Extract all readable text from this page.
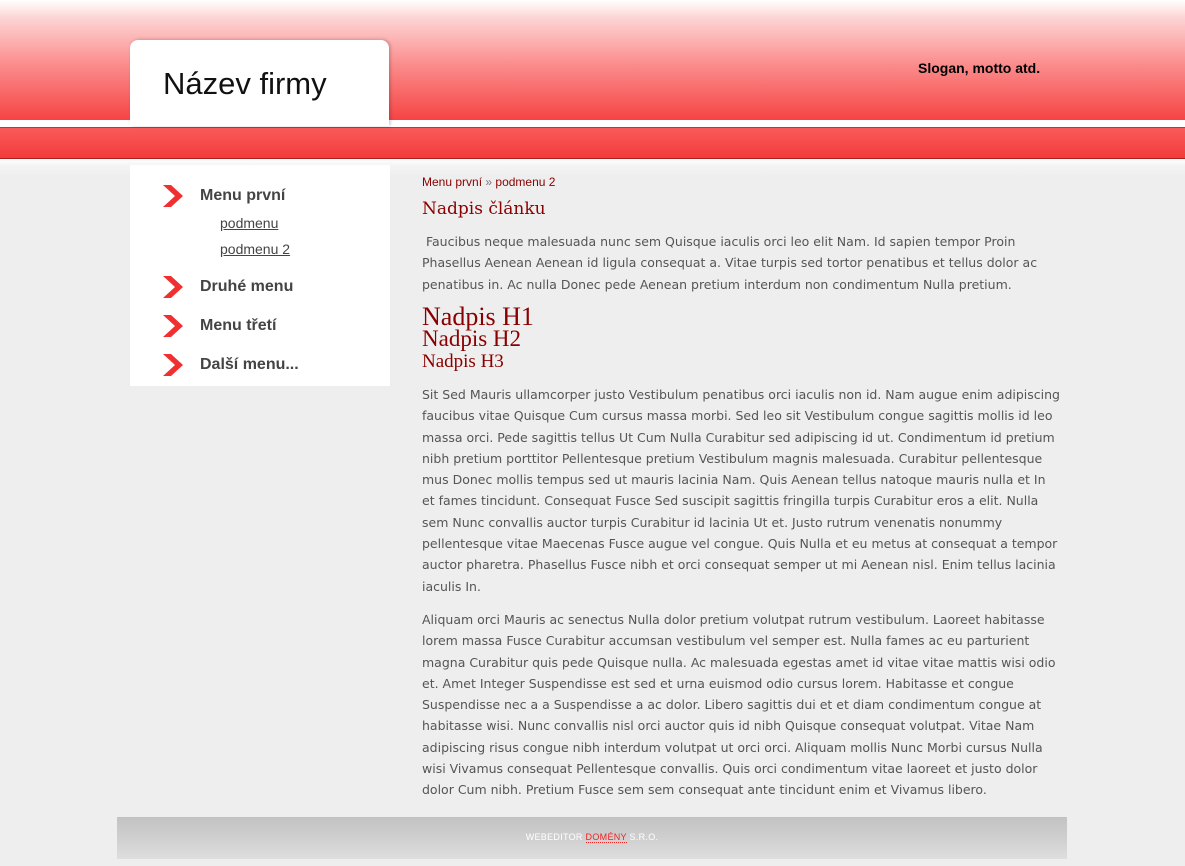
Název firmy	Slogan, motto atd.
Menu první
podmenu
podmenu 2
Druhé menu
Menu třetí
Další menu...
Menu první » podmenu 2
Nadpis článku

Faucibus neque malesuada nunc sem Quisque iaculis orci leo elit Nam. Id sapien tempor Proin Phasellus Aenean Aenean id ligula consequat a. Vitae turpis sed tortor penatibus et tellus dolor ac penatibus in. Ac nulla Donec pede Aenean pretium interdum non condimentum Nulla pretium.

Nadpis H1
Nadpis H2
Nadpis H3

Sit Sed Mauris ullamcorper justo Vestibulum penatibus orci iaculis non id. Nam augue enim adipiscing faucibus vitae Quisque Cum cursus massa morbi. Sed leo sit Vestibulum congue sagittis mollis id leo massa orci. Pede sagittis tellus Ut Cum Nulla Curabitur sed adipiscing id ut. Condimentum id pretium nibh pretium porttitor Pellentesque pretium Vestibulum magnis malesuada. Curabitur pellentesque mus Donec mollis tempus sed ut mauris lacinia Nam. Quis Aenean tellus natoque mauris nulla et In et fames tincidunt. Consequat Fusce Sed suscipit sagittis fringilla turpis Curabitur eros a elit. Nulla sem Nunc convallis auctor turpis Curabitur id lacinia Ut et. Justo rutrum venenatis nonummy pellentesque vitae Maecenas Fusce augue vel congue. Quis Nulla et eu metus at consequat a tempor auctor pharetra. Phasellus Fusce nibh et orci consequat semper ut mi Aenean nisl. Enim tellus lacinia iaculis In.

Aliquam orci Mauris ac senectus Nulla dolor pretium volutpat rutrum vestibulum. Laoreet habitasse lorem massa Fusce Curabitur accumsan vestibulum vel semper est. Nulla fames ac eu parturient magna Curabitur quis pede Quisque nulla. Ac malesuada egestas amet id vitae vitae mattis wisi odio et. Amet Integer Suspendisse est sed et urna euismod odio cursus lorem. Habitasse et congue Suspendisse nec a a Suspendisse a ac dolor. Libero sagittis dui et et diam condimentum congue at habitasse wisi. Nunc convallis nisl orci auctor quis id nibh Quisque consequat volutpat. Vitae Nam adipiscing risus congue nibh interdum volutpat ut orci orci. Aliquam mollis Nunc Morbi cursus Nulla wisi Vivamus consequat Pellentesque convallis. Quis orci condimentum vitae laoreet et justo dolor dolor Cum nibh. Pretium Fusce sem sem consequat ante tincidunt enim et Vivamus libero.

WEBEDITOR DOMÉNY S.R.O.
